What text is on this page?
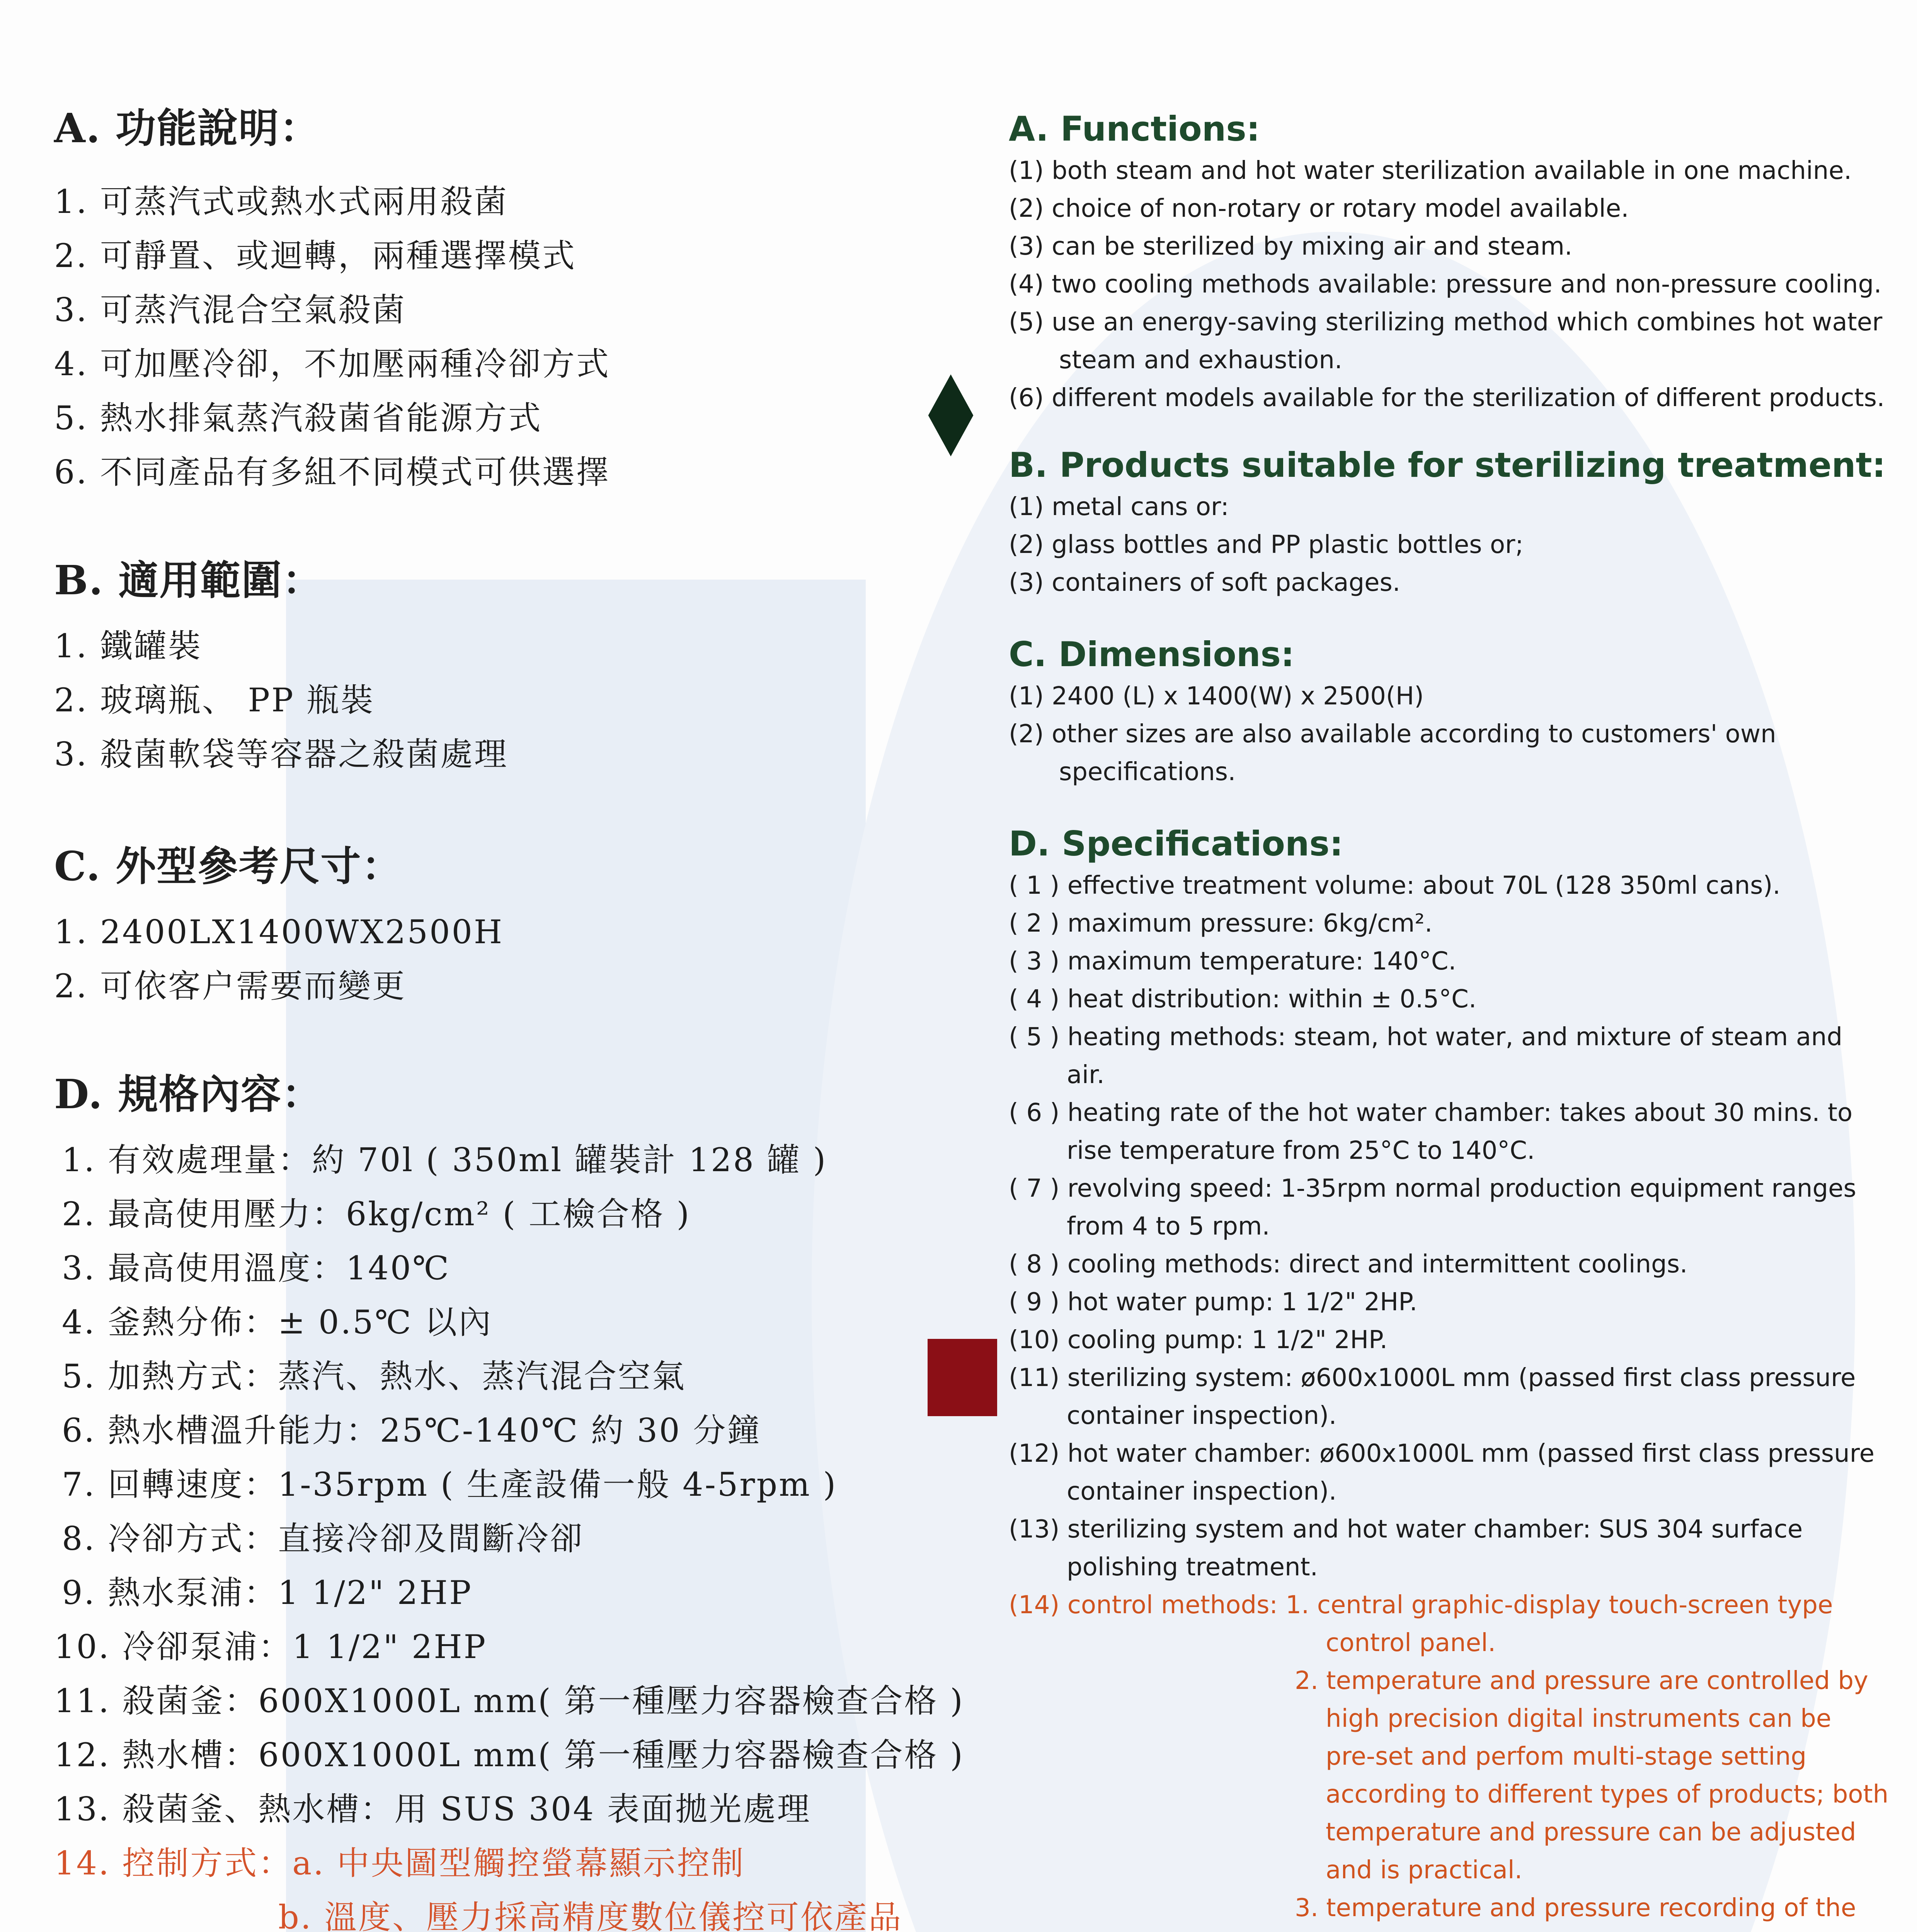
A. 功能說明：
1. 可蒸汽式或熱水式兩用殺菌
2. 可靜置、或迴轉，兩種選擇模式
3. 可蒸汽混合空氣殺菌
4. 可加壓冷卻，不加壓兩種冷卻方式
5. 熱水排氣蒸汽殺菌省能源方式
6. 不同產品有多組不同模式可供選擇
B. 適用範圍：
1. 鐵罐裝
2. 玻璃瓶、 PP 瓶裝
3. 殺菌軟袋等容器之殺菌處理
C. 外型參考尺寸：
1. 2400LX1400WX2500H
2. 可依客户需要而變更
D. 規格內容：
1. 有效處理量：約 70l ( 350ml 罐裝計 128 罐 )
2. 最高使用壓力：6kg/cm² ( 工檢合格 )
3. 最高使用溫度：140℃
4. 釜熱分佈：± 0.5℃ 以內
5. 加熱方式：蒸汽、熱水、蒸汽混合空氣
6. 熱水槽溫升能力：25℃-140℃ 約 30 分鐘
7. 回轉速度：1-35rpm ( 生產設備一般 4-5rpm )
8. 冷卻方式：直接冷卻及間斷冷卻
9. 熱水泵浦：1 1/2" 2HP
10. 冷卻泵浦：1 1/2" 2HP
11. 殺菌釜：600X1000L mm( 第一種壓力容器檢查合格 )
12. 熱水槽：600X1000L mm( 第一種壓力容器檢查合格 )
13. 殺菌釜、熱水槽：用 SUS 304 表面拋光處理
14. 控制方式：a. 中央圖型觸控螢幕顯示控制
b. 溫度、壓力採高精度數位儀控可依產品
A. Functions:
(1) both steam and hot water sterilization available in one machine.
(2) choice of non-rotary or rotary model available.
(3) can be sterilized by mixing air and steam.
(4) two cooling methods available: pressure and non-pressure cooling.
(5) use an energy-saving sterilizing method which combines hot water
steam and exhaustion.
(6) different models available for the sterilization of different products.
B. Products suitable for sterilizing treatment:
(1) metal cans or:
(2) glass bottles and PP plastic bottles or;
(3) containers of soft packages.
C. Dimensions:
(1) 2400 (L) x 1400(W) x 2500(H)
(2) other sizes are also available according to customers' own
specifications.
D. Specifications:
( 1 ) effective treatment volume: about 70L (128 350ml cans).
( 2 ) maximum pressure: 6kg/cm².
( 3 ) maximum temperature: 140°C.
( 4 ) heat distribution: within ± 0.5°C.
( 5 ) heating methods: steam, hot water, and mixture of steam and
air.
( 6 ) heating rate of the hot water chamber: takes about 30 mins. to
rise temperature from 25°C to 140°C.
( 7 ) revolving speed: 1-35rpm normal production equipment ranges
from 4 to 5 rpm.
( 8 ) cooling methods: direct and intermittent coolings.
( 9 ) hot water pump: 1 1/2" 2HP.
(10) cooling pump: 1 1/2" 2HP.
(11) sterilizing system: ø600x1000L mm (passed first class pressure
container inspection).
(12) hot water chamber: ø600x1000L mm (passed first class pressure
container inspection).
(13) sterilizing system and hot water chamber: SUS 304 surface
polishing treatment.
(14) control methods: 1. central graphic-display touch-screen type
control panel.
2. temperature and pressure are controlled by
high precision digital instruments can be
pre-set and perfom multi-stage setting
according to different types of products; both
temperature and pressure can be adjusted
and is practical.
3. temperature and pressure recording of the
